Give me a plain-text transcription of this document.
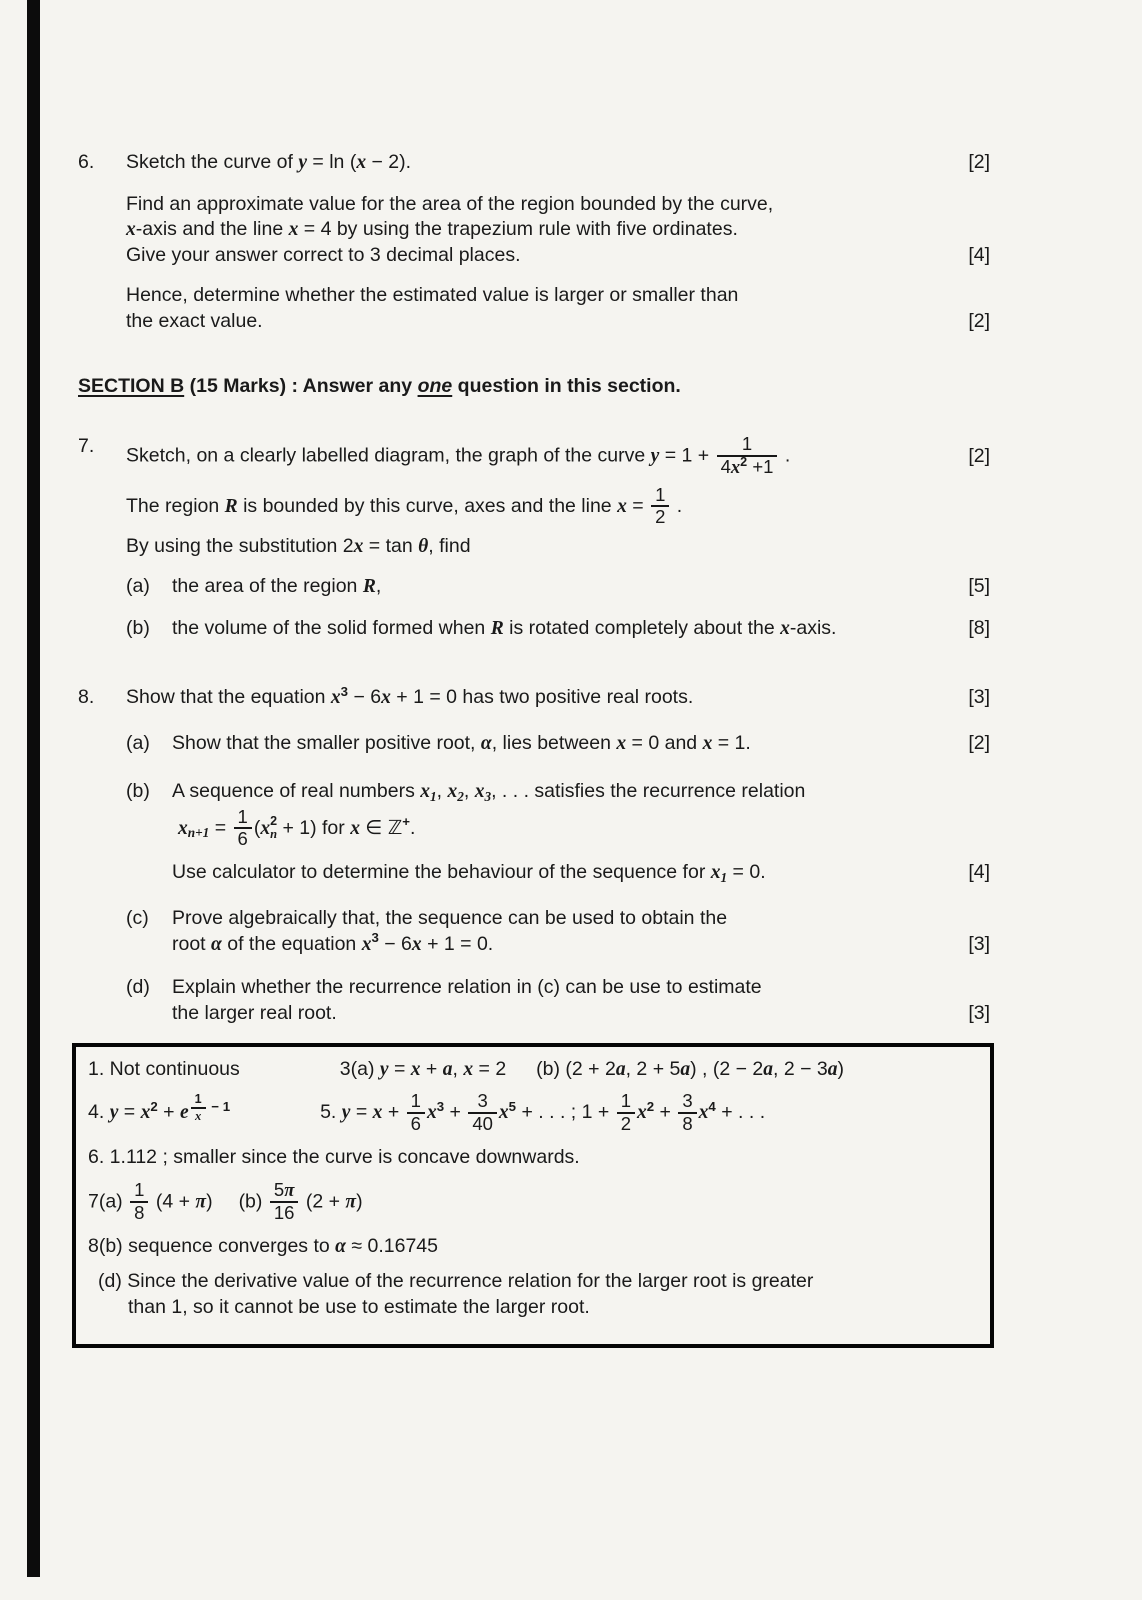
6.	Sketch the curve of y = ln (x − 2).	[2]
Find an approximate value for the area of the region bounded by the curve,
x-axis and the line x = 4 by using the trapezium rule with five ordinates.
Give your answer correct to 3 decimal places.	[4]
Hence, determine whether the estimated value is larger or smaller than
the exact value.	[2]
SECTION B (15 Marks) : Answer any one question in this section.
7.	Sketch, on a clearly labelled diagram, the graph of the curve $y = 1 + \frac{1}{4x^2 +1}$ .	[2]
The region R is bounded by this curve, axes and the line $x = \frac{1}{2}$ .
By using the substitution 2x = tan θ, find
(a)	the area of the region R,	[5]
(b)	the volume of the solid formed when R is rotated completely about the x-axis.	[8]
8.	Show that the equation $x^3 - 6x + 1 = 0$ has two positive real roots.	[3]
(a)	Show that the smaller positive root, α, lies between x = 0 and x = 1.	[2]
(b)	A sequence of real numbers x1, x2, x3, . . . satisfies the recurrence relation
$xn+1 = \frac{1}{6} (x$ 2
n + 1) for x ∈ ℤ+.
Use calculator to determine the behaviour of the sequence for x1 = 0.	[4]
(c)	Prove algebraically that, the sequence can be used to obtain the
root α of the equation $x^3 - 6x + 1 = 0$.	[3]
(d)	Explain whether the recurrence relation in (c) can be use to estimate
the larger real root.	[3]
1. Not continuous	3(a) y = x + a, x = 2 (b) (2 + 2a, 2 + 5a) , (2 − 2a, 2 − 3a)
4. $y = x^2 + e$ $^{\frac{1}{x} - 1}$	5. $y = x + \frac{1}{6} x^3 + \frac{3}{40} x^5$ + . . . ; $1 + \frac{1}{2} x^2 + \frac{3}{8} x^4$ + . . .
6. 1.112 ; smaller since the curve is concave downwards.
$7(a) \frac{1}{8} (4 + \pi)$ $(b) \frac{5\pi}{16} (2 + \pi)$
8(b) sequence converges to α ≈ 0.16745
(d) Since the derivative value of the recurrence relation for the larger root is greater
than 1, so it cannot be use to estimate the larger root.
